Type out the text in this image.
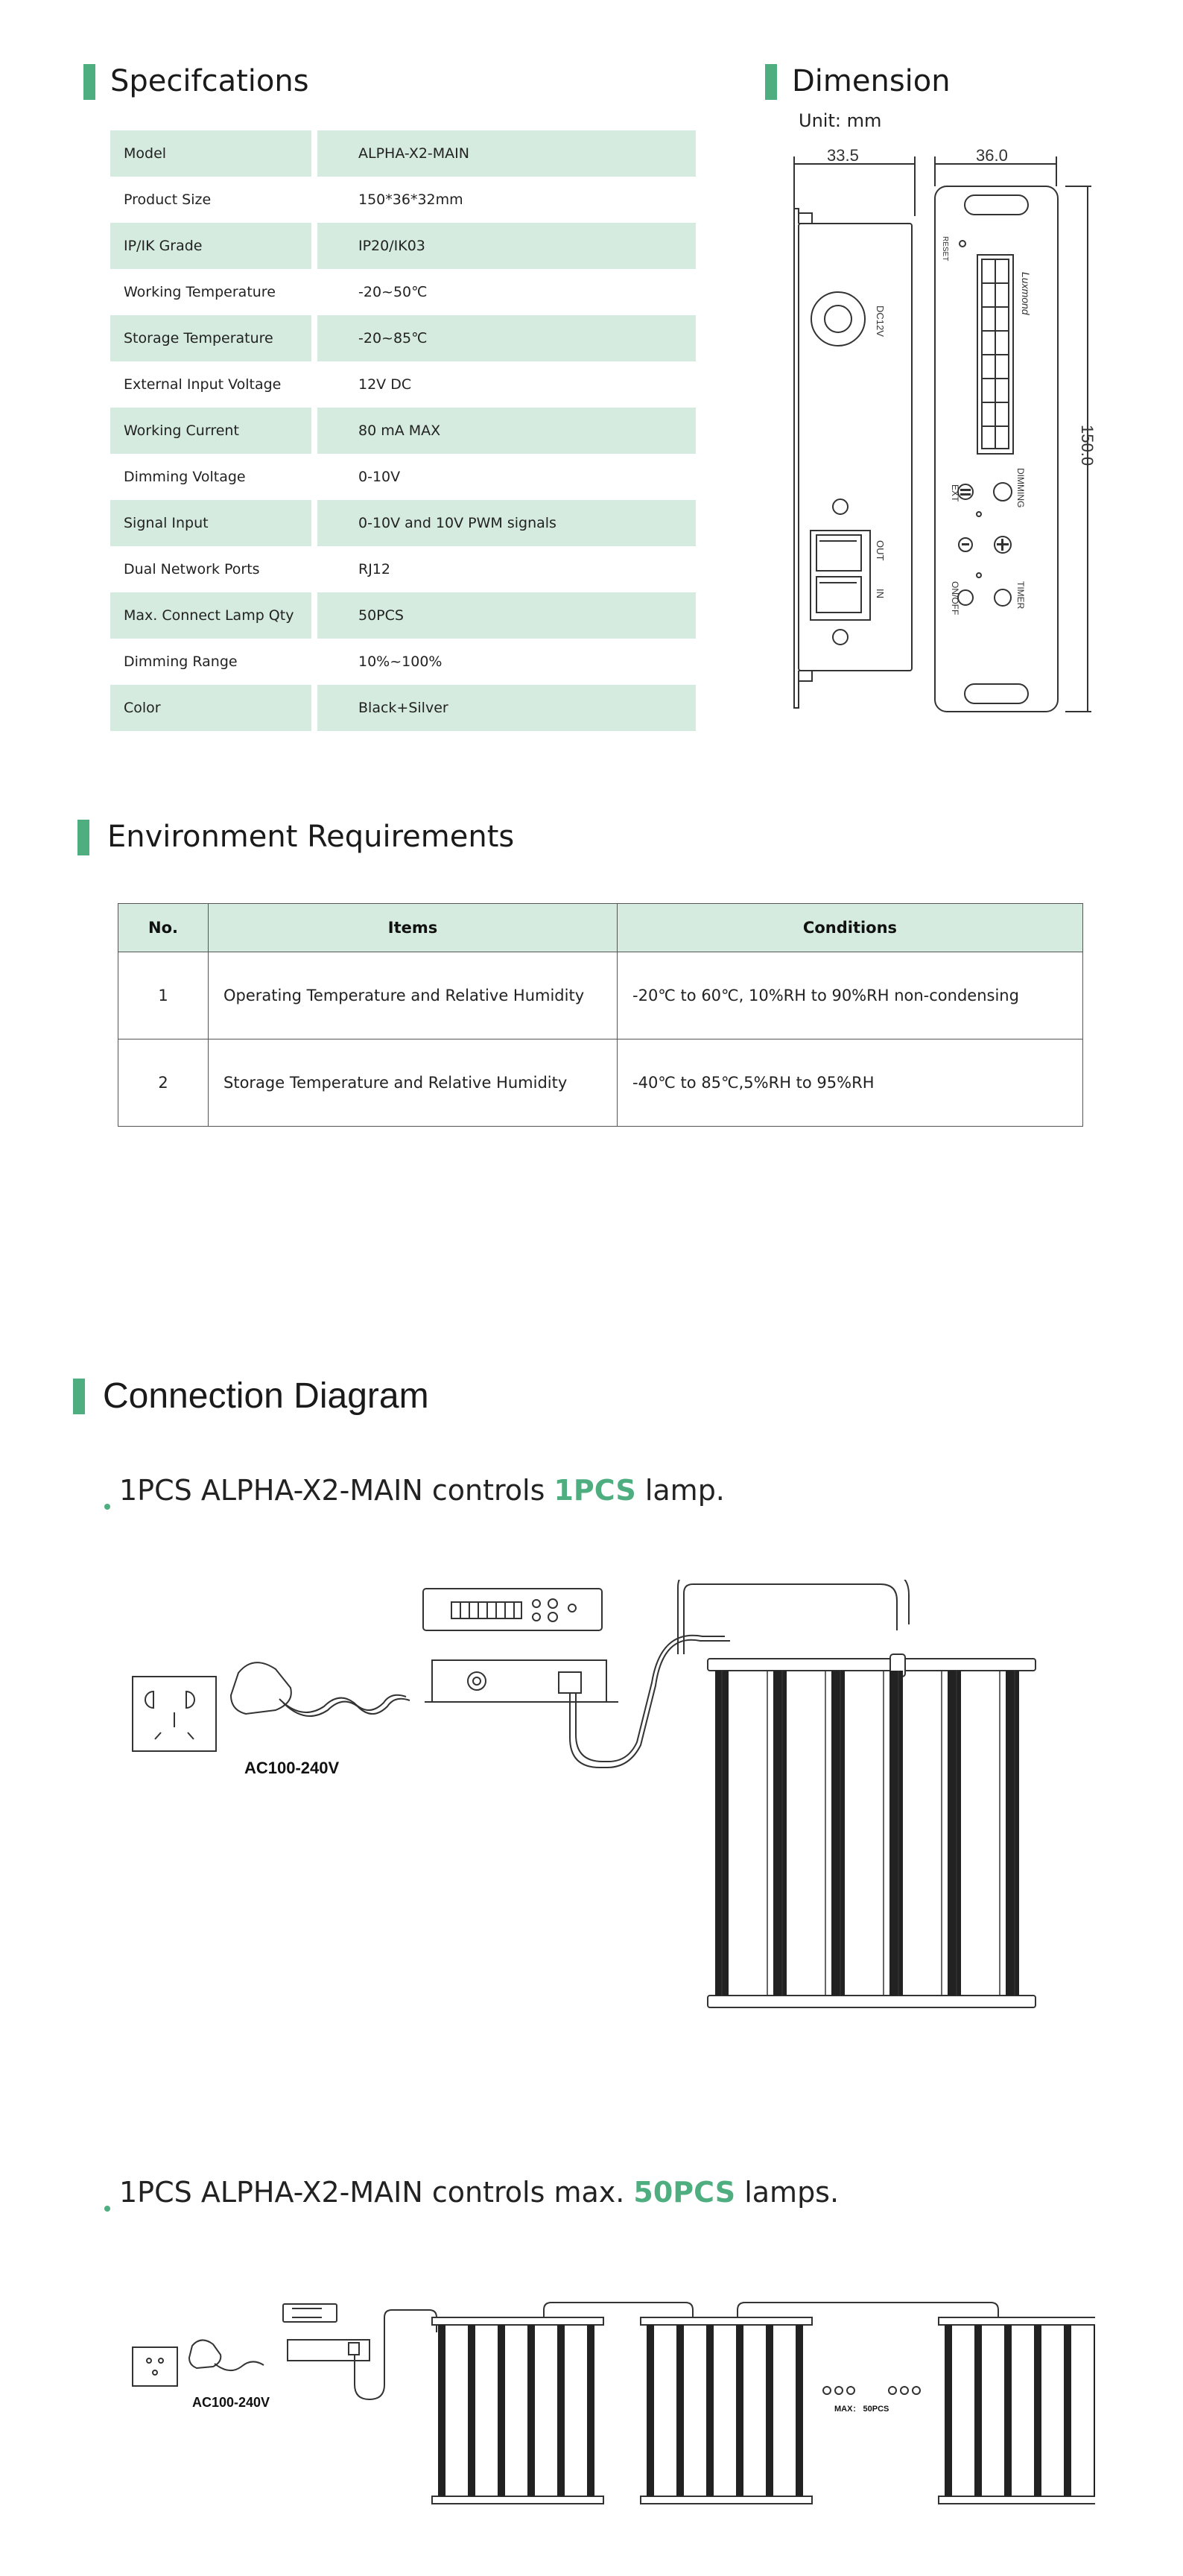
Specifcations
Model	ALPHA-X2-MAIN
Product Size	150*36*32mm
IP/IK Grade	IP20/IK03
Working Temperature	-20~50℃
Storage Temperature	-20~85℃
External Input Voltage	12V DC
Working Current	80 mA MAX
Dimming Voltage	0-10V
Signal Input	0-10V and 10V PWM signals
Dual Network Ports	RJ12
Max. Connect Lamp Qty	50PCS
Dimming Range	10%~100%
Color	Black+Silver
Dimension
Unit: mm
33.5	36.0
150.0
DC12V
OUT
IN
RESET
Luxmond
DIMMING
EXT
TIMER
ON/OFF
Environment Requirements
No.	Items	Conditions
1	Operating Temperature and Relative Humidity	-20℃ to 60℃, 10%RH to 90%RH non-condensing
2	Storage Temperature and Relative Humidity	-40℃ to 85℃,5%RH to 95%RH
Connection Diagram
1PCS ALPHA-X2-MAIN controls 1PCS lamp.
AC100-240V
1PCS ALPHA-X2-MAIN controls max. 50PCS lamps.
AC100-240V	MAX： 50PCS
